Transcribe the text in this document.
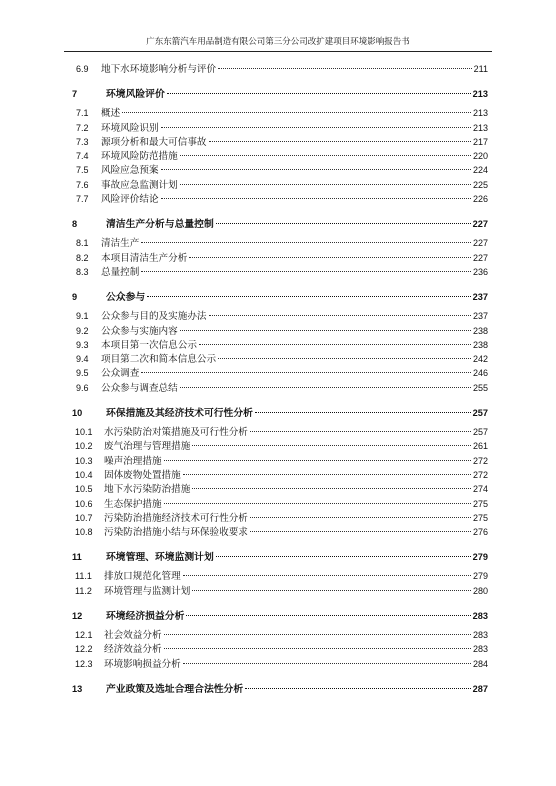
广东东箭汽车用品制造有限公司第三分公司改扩建项目环境影响报告书
6.9	地下水环境影响分析与评价	211
7	环境风险评价	213
7.1	概述	213
7.2	环境风险识别	213
7.3	源项分析和最大可信事故	217
7.4	环境风险防范措施	220
7.5	风险应急预案	224
7.6	事故应急监测计划	225
7.7	风险评价结论	226
8	清洁生产分析与总量控制	227
8.1	清洁生产	227
8.2	本项目清洁生产分析	227
8.3	总量控制	236
9	公众参与	237
9.1	公众参与目的及实施办法	237
9.2	公众参与实施内容	238
9.3	本项目第一次信息公示	238
9.4	项目第二次和简本信息公示	242
9.5	公众调查	246
9.6	公众参与调查总结	255
10	环保措施及其经济技术可行性分析	257
10.1	水污染防治对策措施及可行性分析	257
10.2	废气治理与管理措施	261
10.3	噪声治理措施	272
10.4	固体废物处置措施	272
10.5	地下水污染防治措施	274
10.6	生态保护措施	275
10.7	污染防治措施经济技术可行性分析	275
10.8	污染防治措施小结与环保验收要求	276
11	环境管理、环境监测计划	279
11.1	排放口规范化管理	279
11.2	环境管理与监测计划	280
12	环境经济损益分析	283
12.1	社会效益分析	283
12.2	经济效益分析	283
12.3	环境影响损益分析	284
13	产业政策及选址合理合法性分析	287
